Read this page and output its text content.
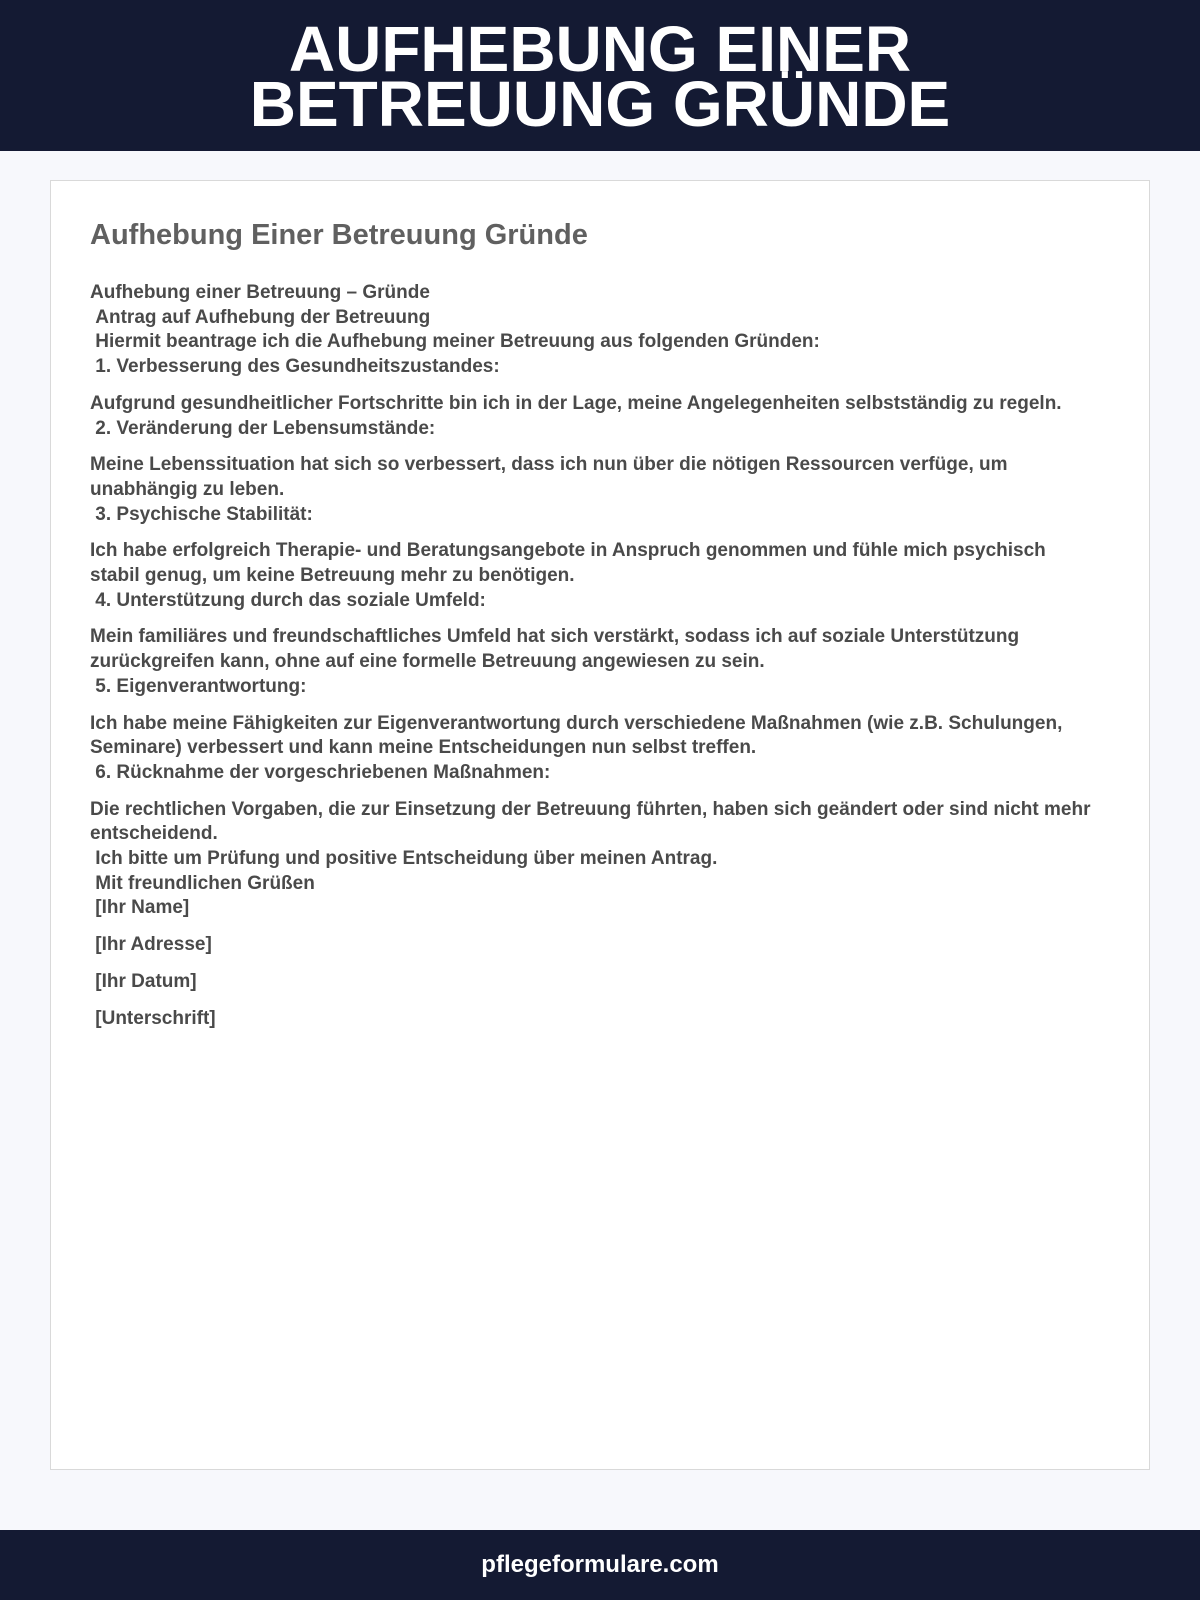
AUFHEBUNG EINER
BETREUUNG GRÜNDE
Aufhebung Einer Betreuung Gründe
Aufhebung einer Betreuung – Gründe
Antrag auf Aufhebung der Betreuung
Hiermit beantrage ich die Aufhebung meiner Betreuung aus folgenden Gründen:
1. Verbesserung des Gesundheitszustandes:
Aufgrund gesundheitlicher Fortschritte bin ich in der Lage, meine Angelegenheiten selbstständig zu regeln.
2. Veränderung der Lebensumstände:
Meine Lebenssituation hat sich so verbessert, dass ich nun über die nötigen Ressourcen verfüge, um unabhängig zu leben.
3. Psychische Stabilität:
Ich habe erfolgreich Therapie- und Beratungsangebote in Anspruch genommen und fühle mich psychisch stabil genug, um keine Betreuung mehr zu benötigen.
4. Unterstützung durch das soziale Umfeld:
Mein familiäres und freundschaftliches Umfeld hat sich verstärkt, sodass ich auf soziale Unterstützung zurückgreifen kann, ohne auf eine formelle Betreuung angewiesen zu sein.
5. Eigenverantwortung:
Ich habe meine Fähigkeiten zur Eigenverantwortung durch verschiedene Maßnahmen (wie z.B. Schulungen, Seminare) verbessert und kann meine Entscheidungen nun selbst treffen.
6. Rücknahme der vorgeschriebenen Maßnahmen:
Die rechtlichen Vorgaben, die zur Einsetzung der Betreuung führten, haben sich geändert oder sind nicht mehr entscheidend.
Ich bitte um Prüfung und positive Entscheidung über meinen Antrag.
Mit freundlichen Grüßen
[Ihr Name]
[Ihr Adresse]
[Ihr Datum]
[Unterschrift]
pflegeformulare.com
